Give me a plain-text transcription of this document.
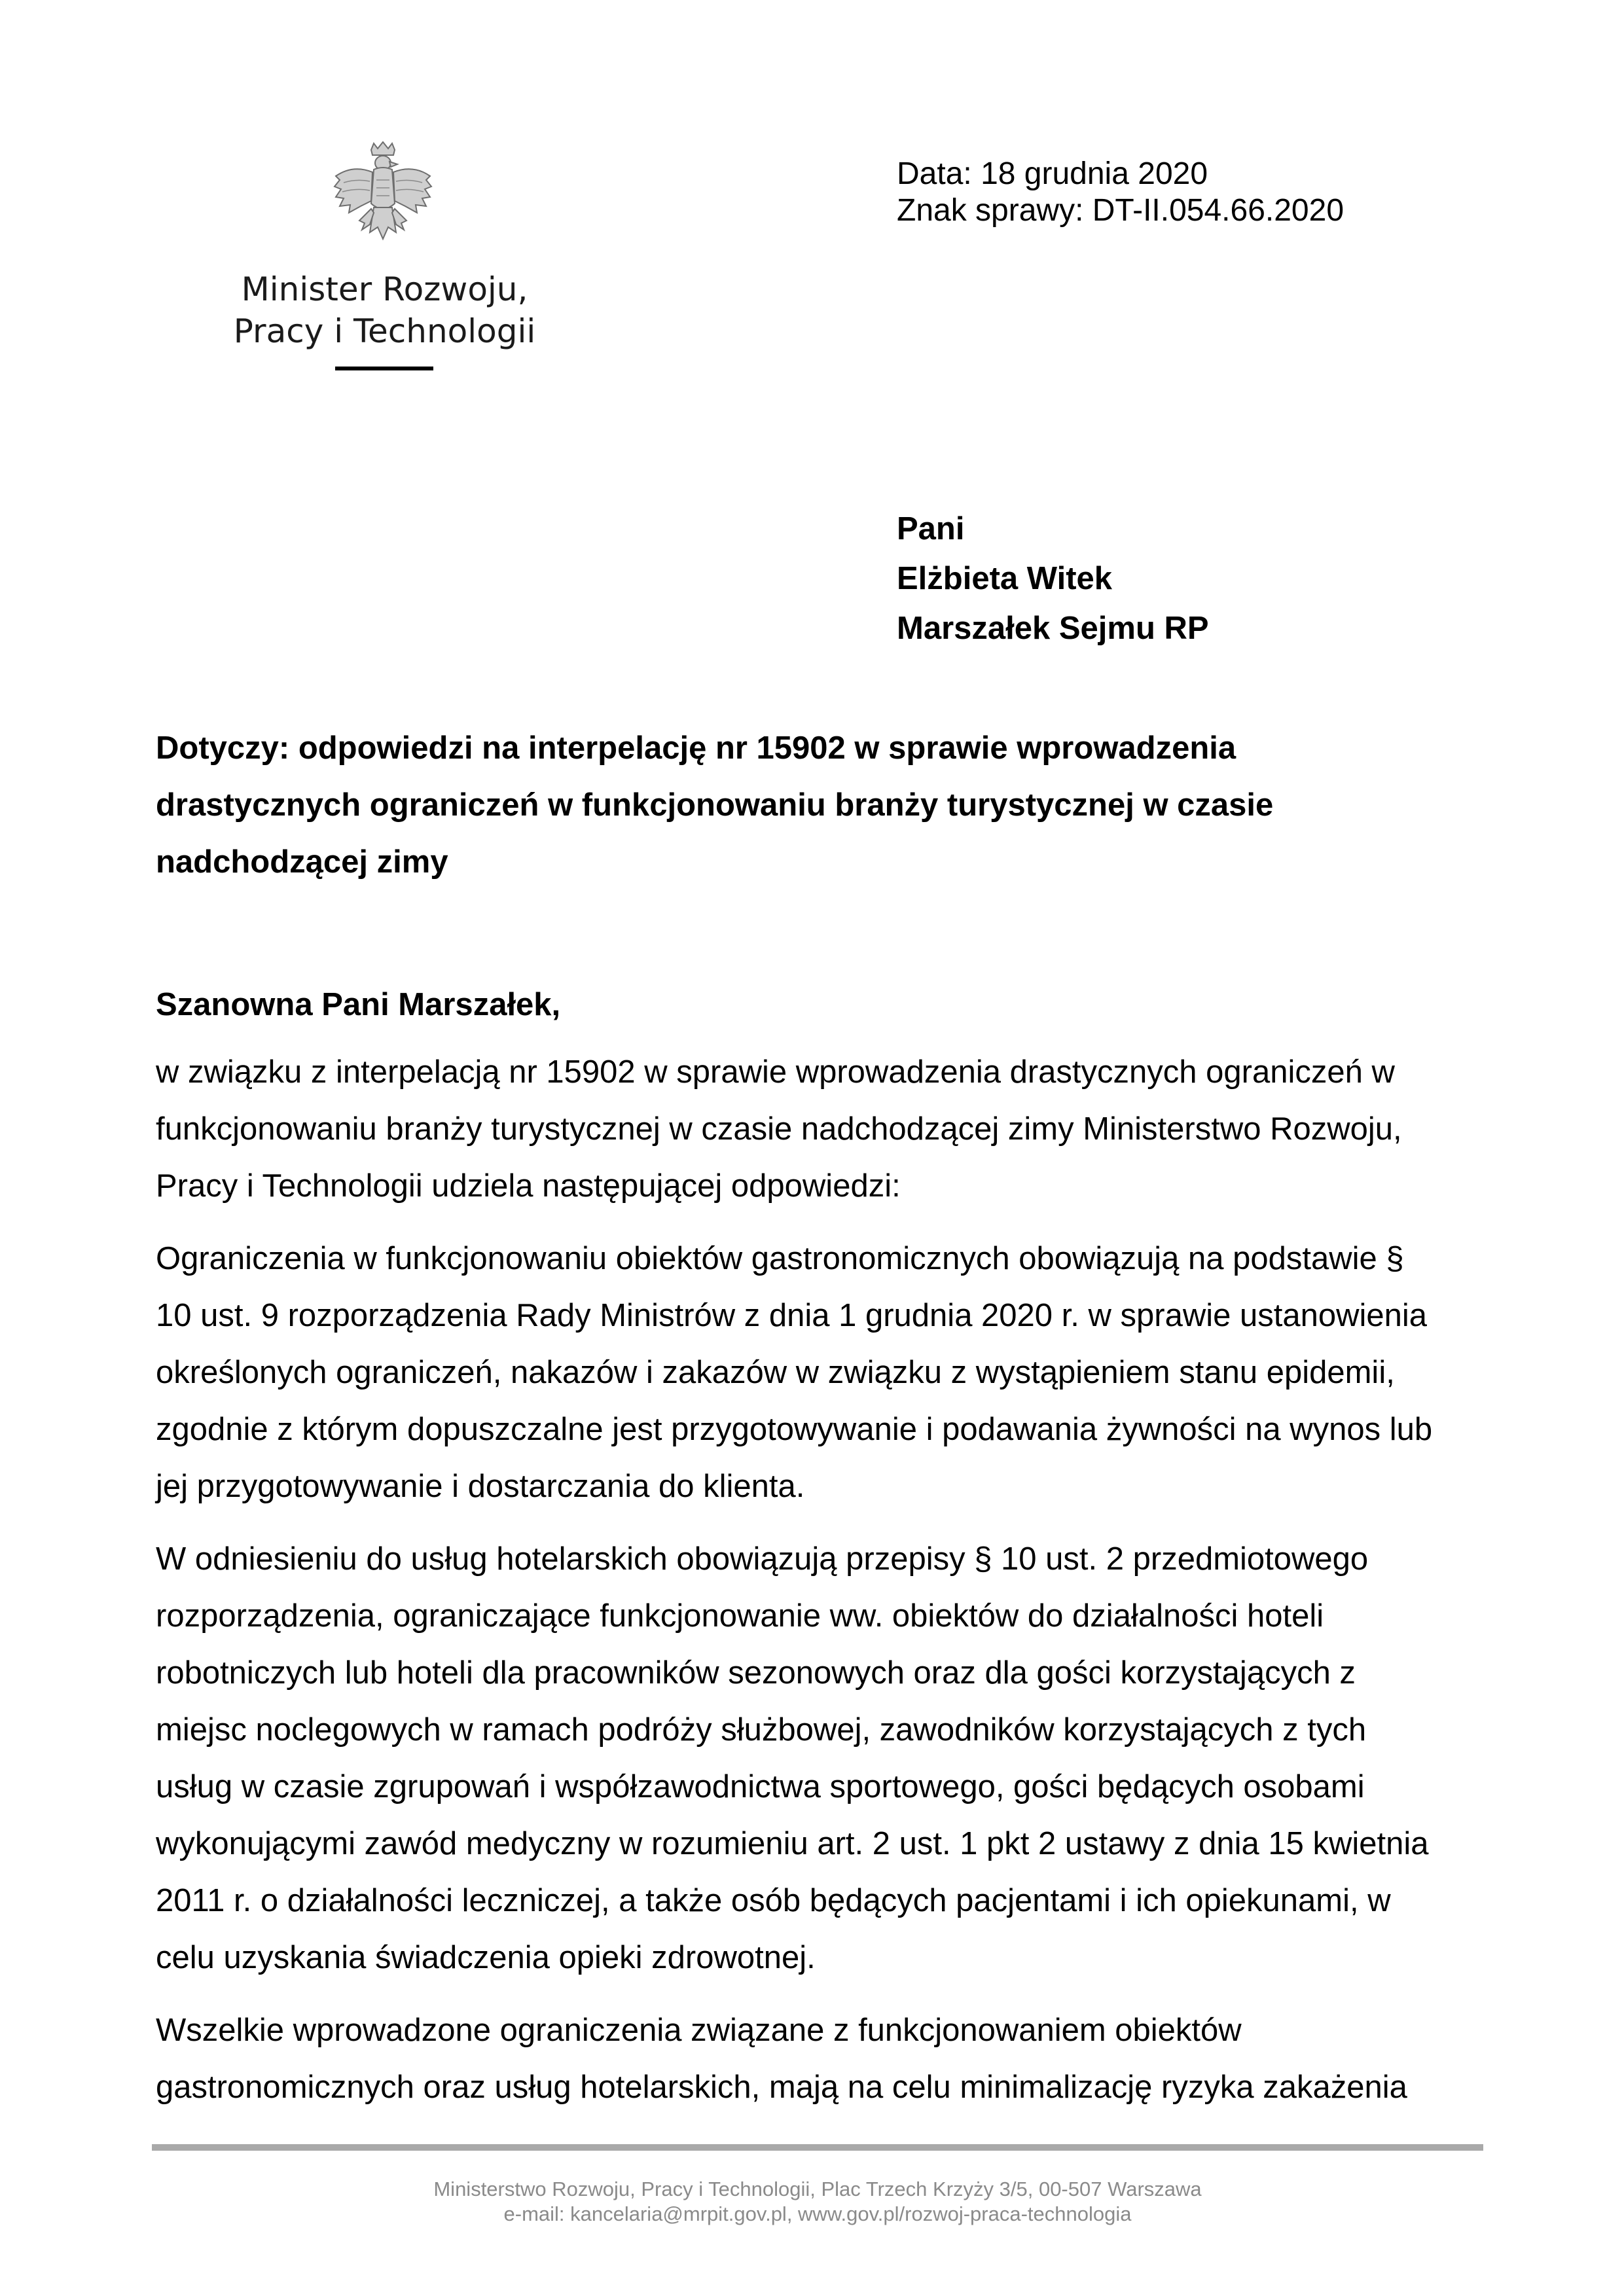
Minister Rozwoju,
Pracy i Technologii
Data: 18 grudnia 2020
Znak sprawy: DT-II.054.66.2020
Pani
Elżbieta Witek
Marszałek Sejmu RP
Dotyczy: odpowiedzi na interpelację nr 15902 w sprawie wprowadzenia
drastycznych ograniczeń w funkcjonowaniu branży turystycznej w czasie
nadchodzącej zimy
Szanowna Pani Marszałek,
w związku z interpelacją nr 15902 w sprawie wprowadzenia drastycznych ograniczeń w
funkcjonowaniu branży turystycznej w czasie nadchodzącej zimy Ministerstwo Rozwoju,
Pracy i Technologii udziela następującej odpowiedzi:
Ograniczenia w funkcjonowaniu obiektów gastronomicznych obowiązują na podstawie §
10 ust. 9 rozporządzenia Rady Ministrów z dnia 1 grudnia 2020 r. w sprawie ustanowienia
określonych ograniczeń, nakazów i zakazów w związku z wystąpieniem stanu epidemii,
zgodnie z którym dopuszczalne jest przygotowywanie i podawania żywności na wynos lub
jej przygotowywanie i dostarczania do klienta.
W odniesieniu do usług hotelarskich obowiązują przepisy § 10 ust. 2 przedmiotowego
rozporządzenia, ograniczające funkcjonowanie ww. obiektów do działalności hoteli
robotniczych lub hoteli dla pracowników sezonowych oraz dla gości korzystających z
miejsc noclegowych w ramach podróży służbowej, zawodników korzystających z tych
usług w czasie zgrupowań i współzawodnictwa sportowego, gości będących osobami
wykonującymi zawód medyczny w rozumieniu art. 2 ust. 1 pkt 2 ustawy z dnia 15 kwietnia
2011 r. o działalności leczniczej, a także osób będących pacjentami i ich opiekunami, w
celu uzyskania świadczenia opieki zdrowotnej.
Wszelkie wprowadzone ograniczenia związane z funkcjonowaniem obiektów
gastronomicznych oraz usług hotelarskich, mają na celu minimalizację ryzyka zakażenia
Ministerstwo Rozwoju, Pracy i Technologii, Plac Trzech Krzyży 3/5, 00-507 Warszawa
e-mail: kancelaria@mrpit.gov.pl, www.gov.pl/rozwoj-praca-technologia
